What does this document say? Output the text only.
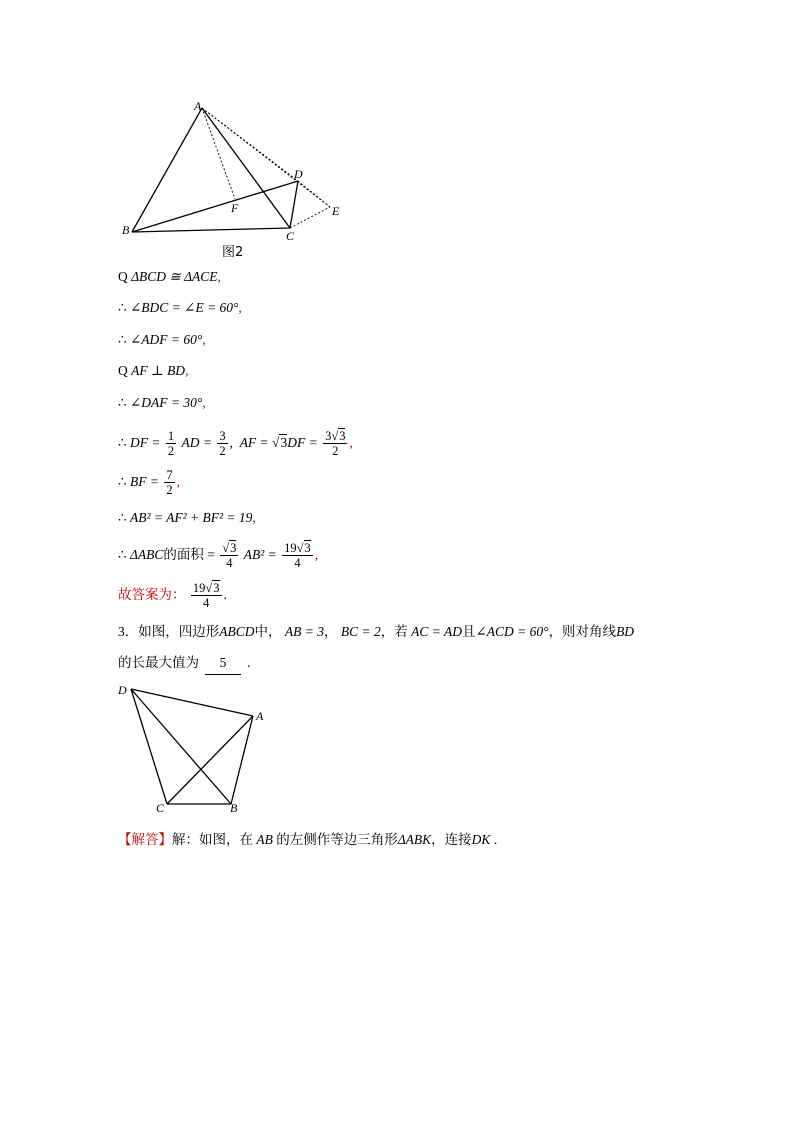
A
B	C
D
E
F
图2
Q ΔBCD ≅ ΔACE,
∴ ∠BDC = ∠E = 60°,
∴ ∠ADF = 60°,
Q AF ⊥ BD,
∴ ∠DAF = 30°,
∴ DF = $\frac{1}{2}$ AD = $\frac{3}{2}$ , AF = $√3DF = \frac{3√3}{2}$ ,
∴ BF = $\frac{7}{2}$ ,
∴ AB² = AF² + BF² = 19,
∴ ΔABC的面积 = $\frac{√3}{4} AB^2 = \frac{19√3}{4}$ ,
故答案为： $\frac{19√3}{4}$ .
3．如图，四边形ABCD中， AB = 3， BC = 2，若 AC = AD且∠ACD = 60°，则对角线BD
的长最大值为 5 .
D
A
C	B
【解答】解：如图，在 AB 的左侧作等边三角形ΔABK，连接DK .
